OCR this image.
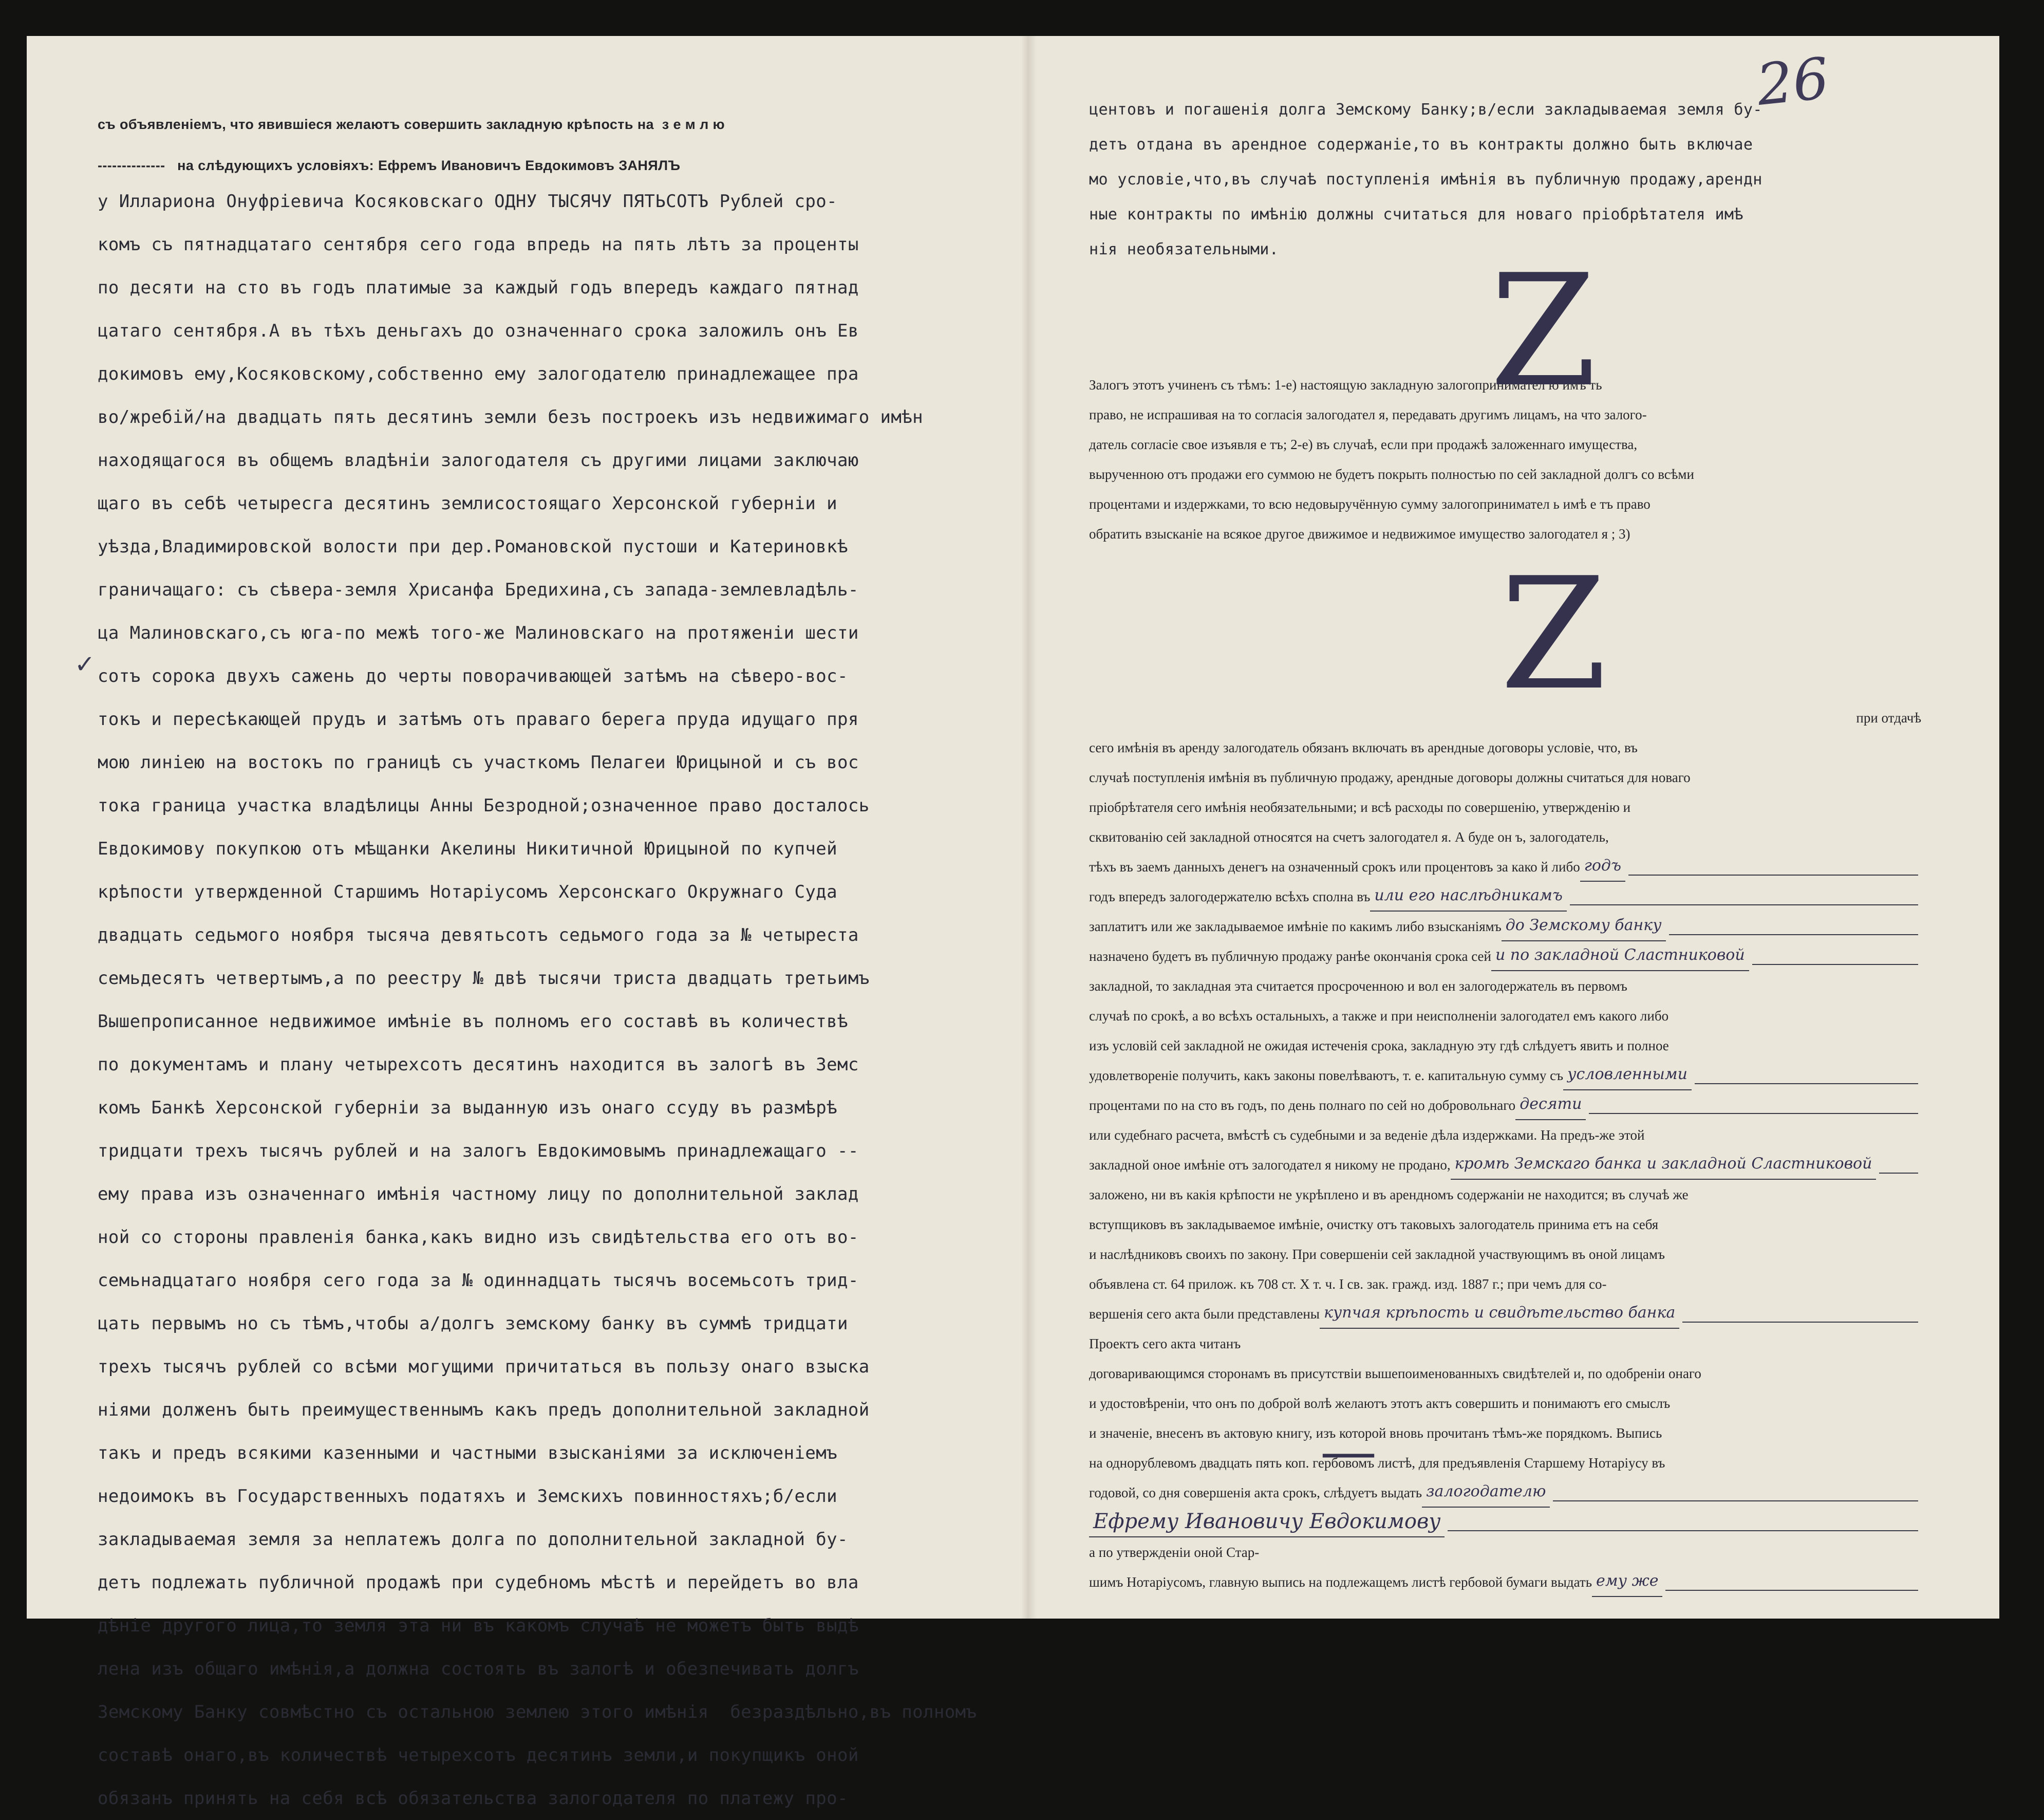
26
съ объявленіемъ, что явившіеся желаютъ совершить закладную крѣпость на  з е м л ю
--------------   на слѣдующихъ условіяхъ: Ефремъ Ивановичъ Евдокимовъ ЗАНЯЛЪ
у Иллариона Онуфріевича Косяковскаго ОДНУ ТЫСЯЧУ ПЯТЬСОТЪ Рублей сро-
комъ съ пятнадцатаго сентября сего года впредь на пять лѣтъ за проценты
по десяти на сто въ годъ платимые за каждый годъ впередъ каждаго пятнад
цатаго сентября.А въ тѣхъ деньгахъ до означеннаго срока заложилъ онъ Ев
докимовъ ему,Косяковскому,собственно ему залогодателю принадлежащее пра
во/жребій/на двадцать пять десятинъ земли безъ построекъ изъ недвижимаго имѣн
находящагося въ общемъ владѣніи залогодателя съ другими лицами заключаю
щаго въ себѣ четыресга десятинъ землисостоящаго Херсонской губерніи и
уѣзда,Владимировской волости при дер.Романовской пустоши и Катериновкѣ
граничащаго: съ сѣвера-земля Хрисанфа Бредихина,съ запада-землевладѣль-
ца Малиновскаго,съ юга-по межѣ того-же Малиновскаго на протяженіи шести
сотъ сорока двухъ сажень до черты поворачивающей затѣмъ на сѣверо-вос-
токъ и пересѣкающей прудъ и затѣмъ отъ праваго берега пруда идущаго пря
мою линіею на востокъ по границѣ съ участкомъ Пелагеи Юрицыной и съ вос
тока граница участка владѣлицы Анны Безродной;означенное право досталось
Евдокимову покупкою отъ мѣщанки Акелины Никитичной Юрицыной по купчей
крѣпости утвержденной Старшимъ Нотаріусомъ Херсонскаго Окружнаго Суда
двадцать седьмого ноября тысяча девятьсотъ седьмого года за № четыреста
семьдесятъ четвертымъ,а по реестру № двѣ тысячи триста двадцать третьимъ
Вышепрописанное недвижимое имѣніе въ полномъ его составѣ въ количествѣ
по документамъ и плану четырехсотъ десятинъ находится въ залогѣ въ Земс
комъ Банкѣ Херсонской губерніи за выданную изъ онаго ссуду въ размѣрѣ
тридцати трехъ тысячъ рублей и на залогъ Евдокимовымъ принадлежащаго --
ему права изъ означеннаго имѣнія частному лицу по дополнительной заклад
ной со стороны правленія банка,какъ видно изъ свидѣтельства его отъ во-
семьнадцатаго ноября сего года за № одиннадцать тысячъ восемьсотъ трид-
цать первымъ но съ тѣмъ,чтобы а/долгъ земскому банку въ суммѣ тридцати
трехъ тысячъ рублей со всѣми могущими причитаться въ пользу онаго взыска
ніями долженъ быть преимущественнымъ какъ предъ дополнительной закладной
такъ и предъ всякими казенными и частными взысканіями за исключеніемъ
недоимокъ въ Государственныхъ податяхъ и Земскихъ повинностяхъ;б/если
закладываемая земля за неплатежъ долга по дополнительной закладной бу-
детъ подлежать публичной продажѣ при судебномъ мѣстѣ и перейдетъ во вла
дѣніе другого лица,то земля эта ни въ какомъ случаѣ не можетъ быть выдѣ
лена изъ общаго имѣнія,а должна состоять въ залогѣ и обезпечивать долгъ
Земскому Банку совмѣстно съ остальною землею этого имѣнія  безраздѣльно,въ полномъ
составѣ онаго,въ количествѣ четырехсотъ десятинъ земли,и покупщикъ оной
обязанъ принять на себя всѣ обязательства залогодателя по платежу про-
✓
центовъ и погашенія долга Земскому Банку;в/если закладываемая земля бу-
детъ отдана въ арендное содержаніе,то въ контракты должно быть включае
мо условіе,что,въ случаѣ поступленія имѣнія въ публичную продажу,арендн
ные контракты по имѣнію должны считаться для новаго пріобрѣтателя имѣ
нія необязательными.
Залогъ этотъ учиненъ съ тѣмъ: 1-е) настоящую закладную залогопринимател ю имѣ ть
право, не испрашивая на то согласія залогодател я, передавать другимъ лицамъ, на что залого-
датель согласіе свое изъявля е тъ; 2-е) въ случаѣ, если при продажѣ заложеннаго имущества,
вырученною отъ продажи его суммою не будетъ покрыть полностью по сей закладной долгъ со всѣми
процентами и издержками, то всю недовыручённую сумму залогопринимател ь имѣ е тъ право
обратить взысканіе на всякое другое движимое и недвижимое имущество залогодател я ; 3)
при отдачѣ
сего имѣнія въ аренду залогодатель обязанъ включать въ арендные договоры условіе, что, въ
случаѣ поступленія имѣнія въ публичную продажу, арендные договоры должны считаться для новаго
пріобрѣтателя сего имѣнія необязательными; и всѣ расходы по совершенію, утвержденію и
сквитованію сей закладной относятся на счетъ залогодател я. А буде он ъ, залогодатель,
тѣхъ въ заемъ данныхъ денегъ на означенный срокъ или процентовъ за како й либо годъ
годъ впередъ залогодержателю всѣхъ сполна въ или его наслѣдникамъ
заплатитъ или же закладываемое имѣніе по какимъ либо взысканіямъ до Земскому банку
назначено будетъ въ публичную продажу ранѣе окончанія срока сей и по закладной Сластниковой
закладной, то закладная эта считается просроченною и вол ен залогодержатель въ первомъ
случаѣ по срокѣ, а во всѣхъ остальныхъ, а также и при неисполненіи залогодател емъ какого либо
изъ условій сей закладной не ожидая истеченія срока, закладную эту гдѣ слѣдуетъ явить и полное
удовлетвореніе получить, какъ законы повелѣваютъ, т. е. капитальную сумму съ условленными
процентами по на сто въ годъ, по день полнаго по сей но добровольнаго десяти
или судебнаго расчета, вмѣстѣ съ судебными и за веденіе дѣла издержками. На предъ-же этой
закладной оное имѣніе отъ залогодател я никому не продано, кромѣ Земскаго банка и закладной Сластниковой
заложено, ни въ какія крѣпости не укрѣплено и въ арендномъ содержаніи не находится; въ случаѣ же
вступщиковъ въ закладываемое имѣніе, очистку отъ таковыхъ залогодатель принима етъ на себя
и наслѣдниковъ своихъ по закону. При совершеніи сей закладной участвующимъ въ оной лицамъ
объявлена ст. 64 прилож. къ 708 ст. X т. ч. I св. зак. гражд. изд. 1887 г.; при чемъ для со-
вершенія сего акта были представлены купчая крѣпость и свидѣтельство банка
Проектъ сего акта читанъ
договаривающимся сторонамъ въ присутствіи вышепоименованныхъ свидѣтелей и, по одобреніи онаго
и удостовѣреніи, что онъ по доброй волѣ желаютъ этотъ актъ совершить и понимаютъ его смыслъ
и значеніе, внесенъ въ актовую книгу, изъ которой вновь прочитанъ тѣмъ-же порядкомъ. Выпись
на однорублевомъ двадцать пять коп. гербовомъ листѣ, для предъявленія Старшему Нотаріусу въ
годовой, со дня совершенія акта срокъ, слѣдуетъ выдать залогодателю
Ефрему Ивановичу Евдокимову
а по утвержденіи оной Стар-
шимъ Нотаріусомъ, главную выпись на подлежащемъ листѣ гербовой бумаги выдать ему же
Z
Z
—
